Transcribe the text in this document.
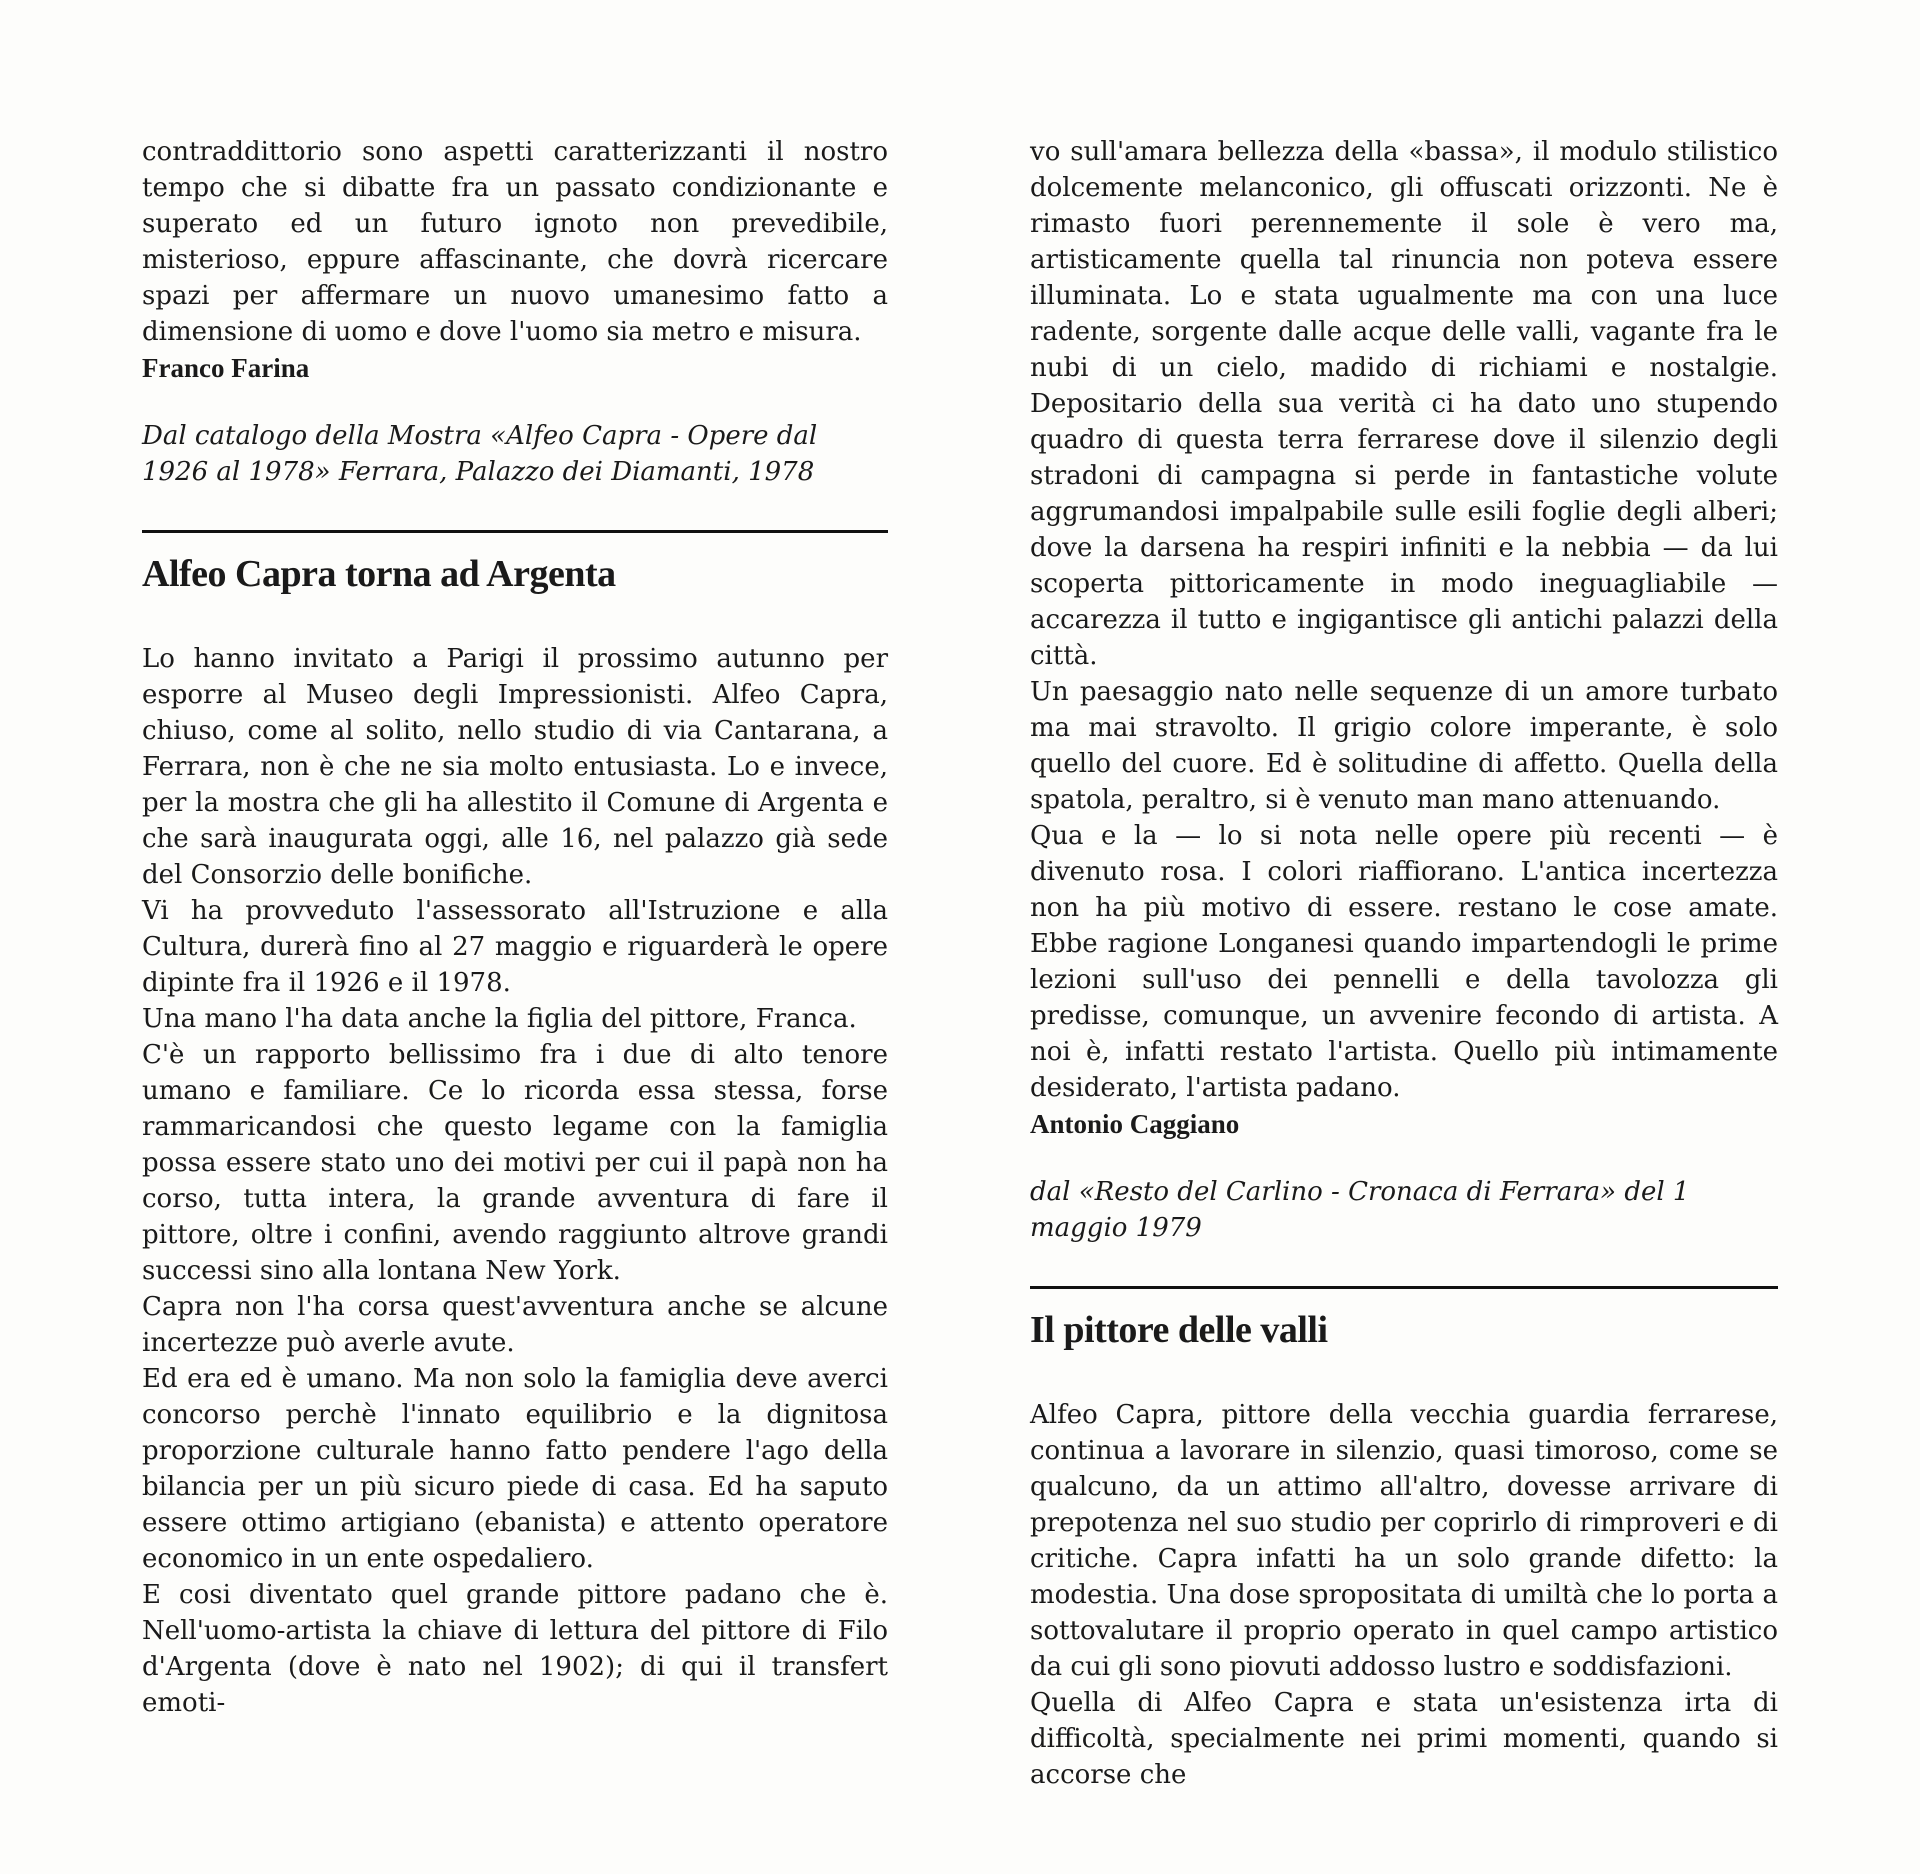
contraddittorio sono aspetti caratterizzanti il nostro tempo che si dibatte fra un passato condizionante e superato ed un futuro ignoto non prevedibile, misterioso, eppure affascinante, che dovrà ricercare spazi per affermare un nuovo umanesimo fatto a dimensione di uomo e dove l'uomo sia metro e misura.

Franco Farina

Dal catalogo della Mostra «Alfeo Capra - Opere dal 1926 al 1978» Ferrara, Palazzo dei Diamanti, 1978

Alfeo Capra torna ad Argenta

Lo hanno invitato a Parigi il prossimo autunno per esporre al Museo degli Impressionisti. Alfeo Capra, chiuso, come al solito, nello studio di via Cantarana, a Ferrara, non è che ne sia molto entusiasta. Lo e invece, per la mostra che gli ha allestito il Comune di Argenta e che sarà inaugurata oggi, alle 16, nel palazzo già sede del Consorzio delle bonifiche.
Vi ha provveduto l'assessorato all'Istruzione e alla Cultura, durerà fino al 27 maggio e riguarderà le opere dipinte fra il 1926 e il 1978.
Una mano l'ha data anche la figlia del pittore, Franca.
C'è un rapporto bellissimo fra i due di alto tenore umano e familiare. Ce lo ricorda essa stessa, forse rammaricandosi che questo legame con la famiglia possa essere stato uno dei motivi per cui il papà non ha corso, tutta intera, la grande avventura di fare il pittore, oltre i confini, avendo raggiunto altrove grandi successi sino alla lontana New York.
Capra non l'ha corsa quest'avventura anche se alcune incertezze può averle avute.
Ed era ed è umano. Ma non solo la famiglia deve averci concorso perchè l'innato equilibrio e la dignitosa proporzione culturale hanno fatto pendere l'ago della bilancia per un più sicuro piede di casa. Ed ha saputo essere ottimo artigiano (ebanista) e attento operatore economico in un ente ospedaliero.
E cosi diventato quel grande pittore padano che è. Nell'uomo-artista la chiave di lettura del pittore di Filo d'Argenta (dove è nato nel 1902); di qui il transfert emoti-

vo sull'amara bellezza della «bassa», il modulo stilistico dolcemente melanconico, gli offuscati orizzonti. Ne è rimasto fuori perennemente il sole è vero ma, artisticamente quella tal rinuncia non poteva essere illuminata. Lo e stata ugualmente ma con una luce radente, sorgente dalle acque delle valli, vagante fra le nubi di un cielo, madido di richiami e nostalgie. Depositario della sua verità ci ha dato uno stupendo quadro di questa terra ferrarese dove il silenzio degli stradoni di campagna si perde in fantastiche volute aggrumandosi impalpabile sulle esili foglie degli alberi; dove la darsena ha respiri infiniti e la nebbia — da lui scoperta pittoricamente in modo ineguagliabile — accarezza il tutto e ingigantisce gli antichi palazzi della città.
Un paesaggio nato nelle sequenze di un amore turbato ma mai stravolto. Il grigio colore imperante, è solo quello del cuore. Ed è solitudine di affetto. Quella della spatola, peraltro, si è venuto man mano attenuando.
Qua e la — lo si nota nelle opere più recenti — è divenuto rosa. I colori riaffiorano. L'antica incertezza non ha più motivo di essere. restano le cose amate. Ebbe ragione Longanesi quando impartendogli le prime lezioni sull'uso dei pennelli e della tavolozza gli predisse, comunque, un avvenire fecondo di artista. A noi è, infatti restato l'artista. Quello più intimamente desiderato, l'artista padano.

Antonio Caggiano

dal «Resto del Carlino - Cronaca di Ferrara» del 1 maggio 1979

Il pittore delle valli

Alfeo Capra, pittore della vecchia guardia ferrarese, continua a lavorare in silenzio, quasi timoroso, come se qualcuno, da un attimo all'altro, dovesse arrivare di prepotenza nel suo studio per coprirlo di rimproveri e di critiche. Capra infatti ha un solo grande difetto: la modestia. Una dose spropositata di umiltà che lo porta a sottovalutare il proprio operato in quel campo artistico da cui gli sono piovuti addosso lustro e soddisfazioni.
Quella di Alfeo Capra e stata un'esistenza irta di difficoltà, specialmente nei primi momenti, quando si accorse che
